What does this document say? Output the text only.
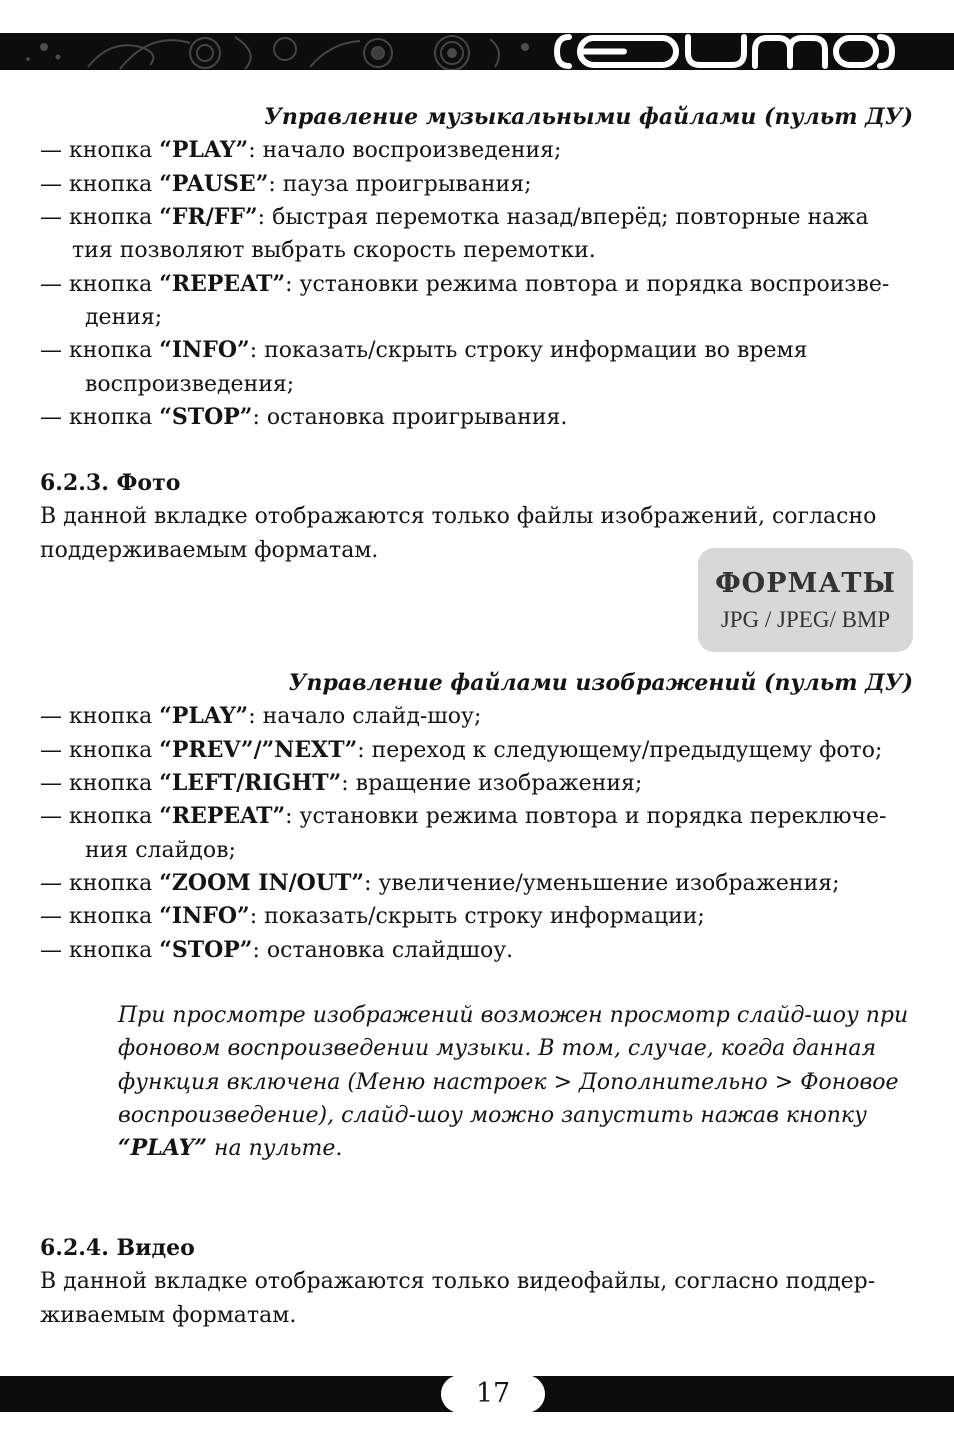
Управление музыкальными файлами (пульт ДУ)
— кнопка “PLAY”: начало воспроизведения;
— кнопка “PAUSE”: пауза проигрывания;
— кнопка “FR/FF”: быстрая перемотка назад/вперёд; повторные нажа
тия позволяют выбрать скорость перемотки.
— кнопка “REPEAT”: установки режима повтора и порядка воспроизве-
дения;
— кнопка “INFO”: показать/скрыть строку информации во время
воспроизведения;
— кнопка “STOP”: остановка проигрывания.
6.2.3. Фото
В данной вкладке отображаются только файлы изображений, согласно
поддерживаемым форматам.
ФОРМАТЫ
JPG / JPEG/ BMP
Управление файлами изображений (пульт ДУ)
— кнопка “PLAY”: начало слайд-шоу;
— кнопка “PREV”/”NEXT”: переход к следующему/предыдущему фото;
— кнопка “LEFT/RIGHT”: вращение изображения;
— кнопка “REPEAT”: установки режима повтора и порядка переключе-
ния слайдов;
— кнопка “ZOOM IN/OUT”: увеличение/уменьшение изображения;
— кнопка “INFO”: показать/скрыть строку информации;
— кнопка “STOP”: остановка слайдшоу.
При просмотре изображений возможен просмотр слайд-шоу при
фоновом воспроизведении музыки. В том, случае, когда данная
функция включена (Меню настроек > Дополнительно > Фоновое
воспроизведение), слайд-шоу можно запустить нажав кнопку
“PLAY” на пульте.
6.2.4. Видео
В данной вкладке отображаются только видеофайлы, согласно поддер-
живаемым форматам.
17
